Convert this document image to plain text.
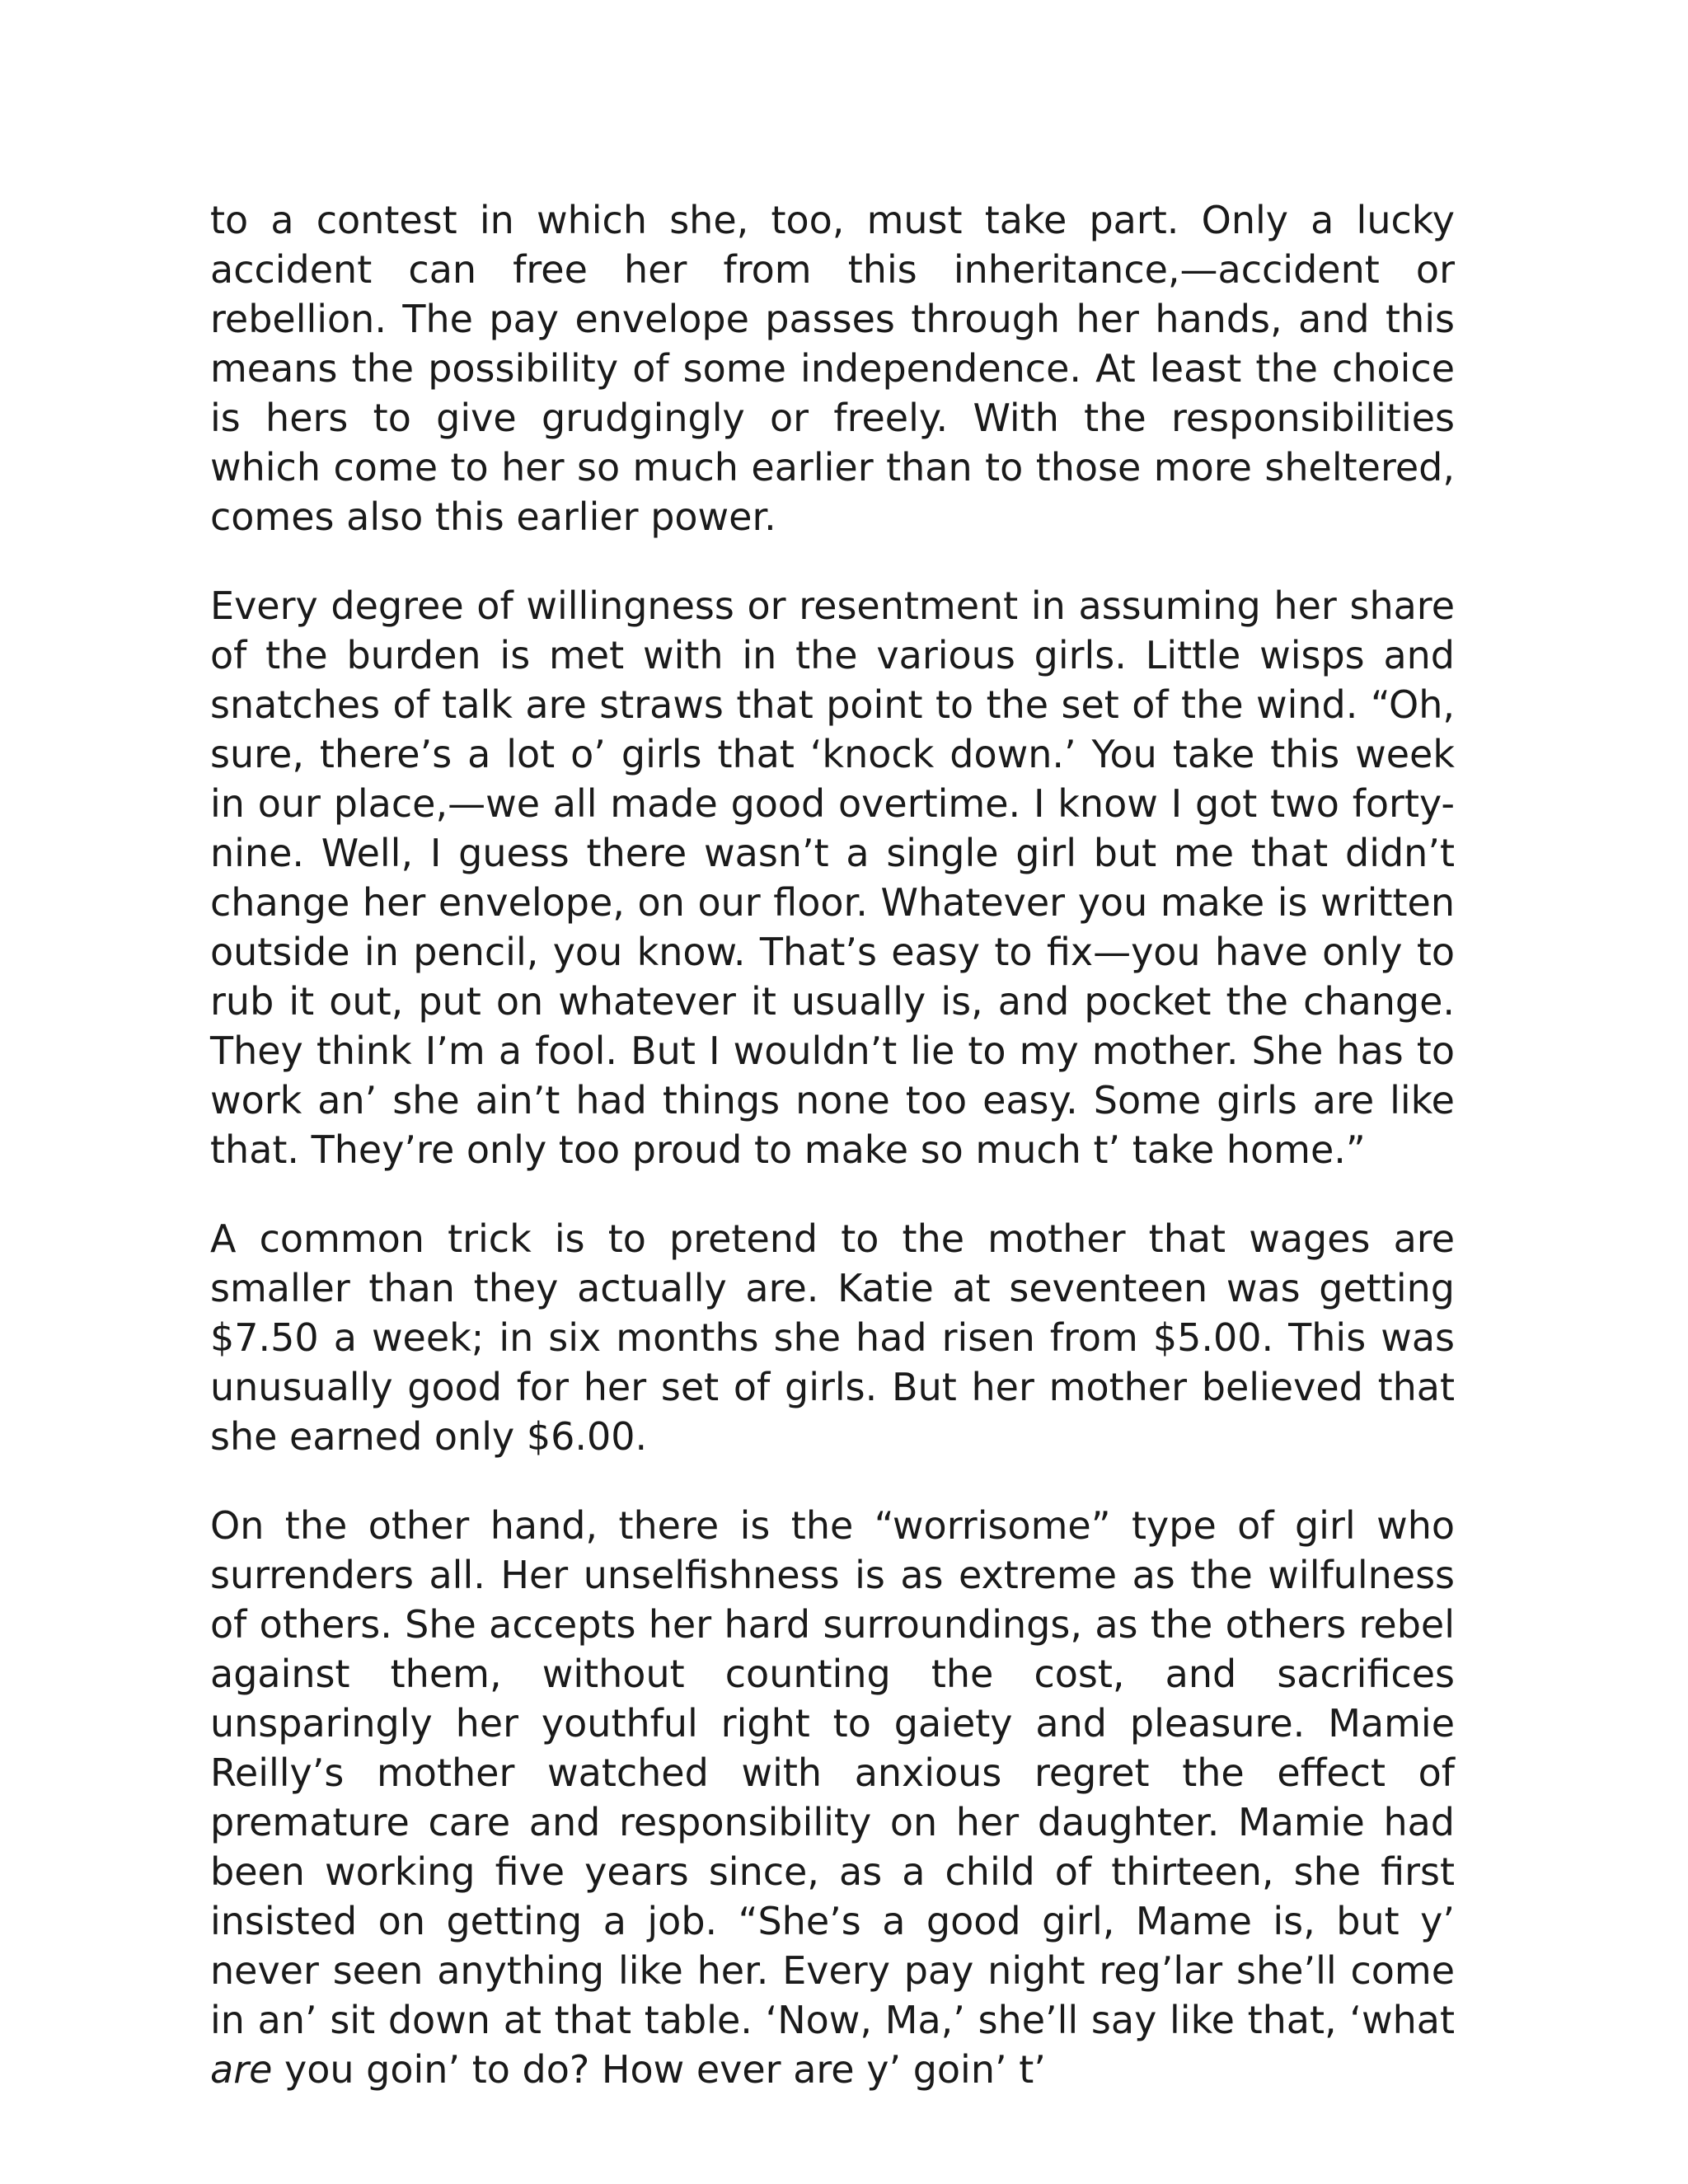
to a contest in which she, too, must take part. Only a lucky accident can free her from this inheritance,—accident or rebellion. The pay envelope passes through her hands, and this means the possibility of some independence. At least the choice is hers to give grudgingly or freely. With the responsibilities which come to her so much earlier than to those more sheltered, comes also this earlier power.

Every degree of willingness or resentment in assuming her share of the burden is met with in the various girls. Little wisps and snatches of talk are straws that point to the set of the wind. “Oh, sure, there’s a lot o’ girls that ‘knock down.’ You take this week in our place,—we all made good overtime. I know I got two forty-nine. Well, I guess there wasn’t a single girl but me that didn’t change her envelope, on our floor. Whatever you make is written outside in pencil, you know. That’s easy to fix—you have only to rub it out, put on whatever it usually is, and pocket the change. They think I’m a fool. But I wouldn’t lie to my mother. She has to work an’ she ain’t had things none too easy. Some girls are like that. They’re only too proud to make so much t’ take home.”

A common trick is to pretend to the mother that wages are smaller than they actually are. Katie at seventeen was getting $7.50 a week; in six months she had risen from $5.00. This was unusually good for her set of girls. But her mother believed that she earned only $6.00.

On the other hand, there is the “worrisome” type of girl who surrenders all. Her unselfishness is as extreme as the wilfulness of others. She accepts her hard surroundings, as the others rebel against them, without counting the cost, and sacrifices unsparingly her youthful right to gaiety and pleasure. Mamie Reilly’s mother watched with anxious regret the effect of premature care and responsibility on her daughter. Mamie had been working five years since, as a child of thirteen, she first insisted on getting a job. “She’s a good girl, Mame is, but y’ never seen anything like her. Every pay night reg’lar she’ll come in an’ sit down at that table. ‘Now, Ma,’ she’ll say like that, ‘what are you goin’ to do? How ever are y’ goin’ t’
